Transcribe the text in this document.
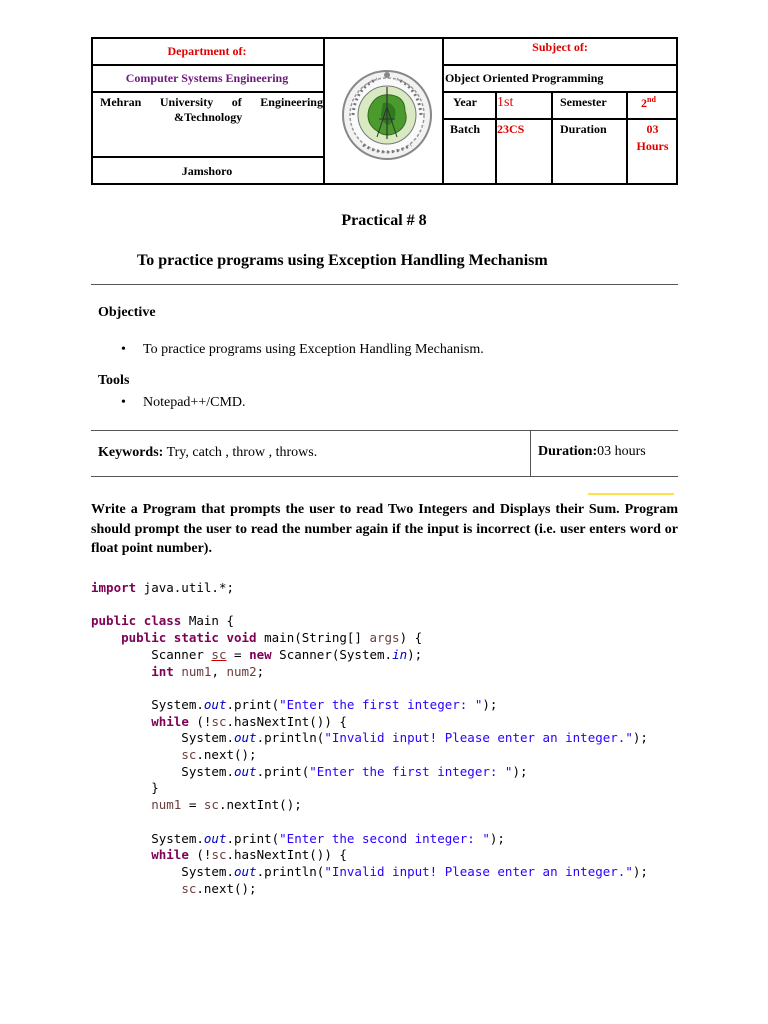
Department of:
Computer Systems Engineering
Mehran University of Engineering
&Technology
Jamshoro
Subject of:
Object Oriented Programming
Year 1st	Semester	2nd
Batch 23CS	Duration	03
Hours
Practical # 8
To practice programs using Exception Handling Mechanism
Objective
• To practice programs using Exception Handling Mechanism.
Tools
• Notepad++/CMD.
Keywords: Try, catch , throw , throws.	Duration:03 hours
Write a Program that prompts the user to read Two Integers and Displays their Sum. Program should prompt the user to read the number again if the input is incorrect (i.e. user enters word or float point number).
import java.util.*;

public class Main {
public static void main(String[] args) {
Scanner sc = new Scanner(System.in);
int num1, num2;

System.out.print("Enter the first integer: ");
while (!sc.hasNextInt()) {
System.out.println("Invalid input! Please enter an integer.");
sc.next();
System.out.print("Enter the first integer: ");
}
num1 = sc.nextInt();

System.out.print("Enter the second integer: ");
while (!sc.hasNextInt()) {
System.out.println("Invalid input! Please enter an integer.");
sc.next();
